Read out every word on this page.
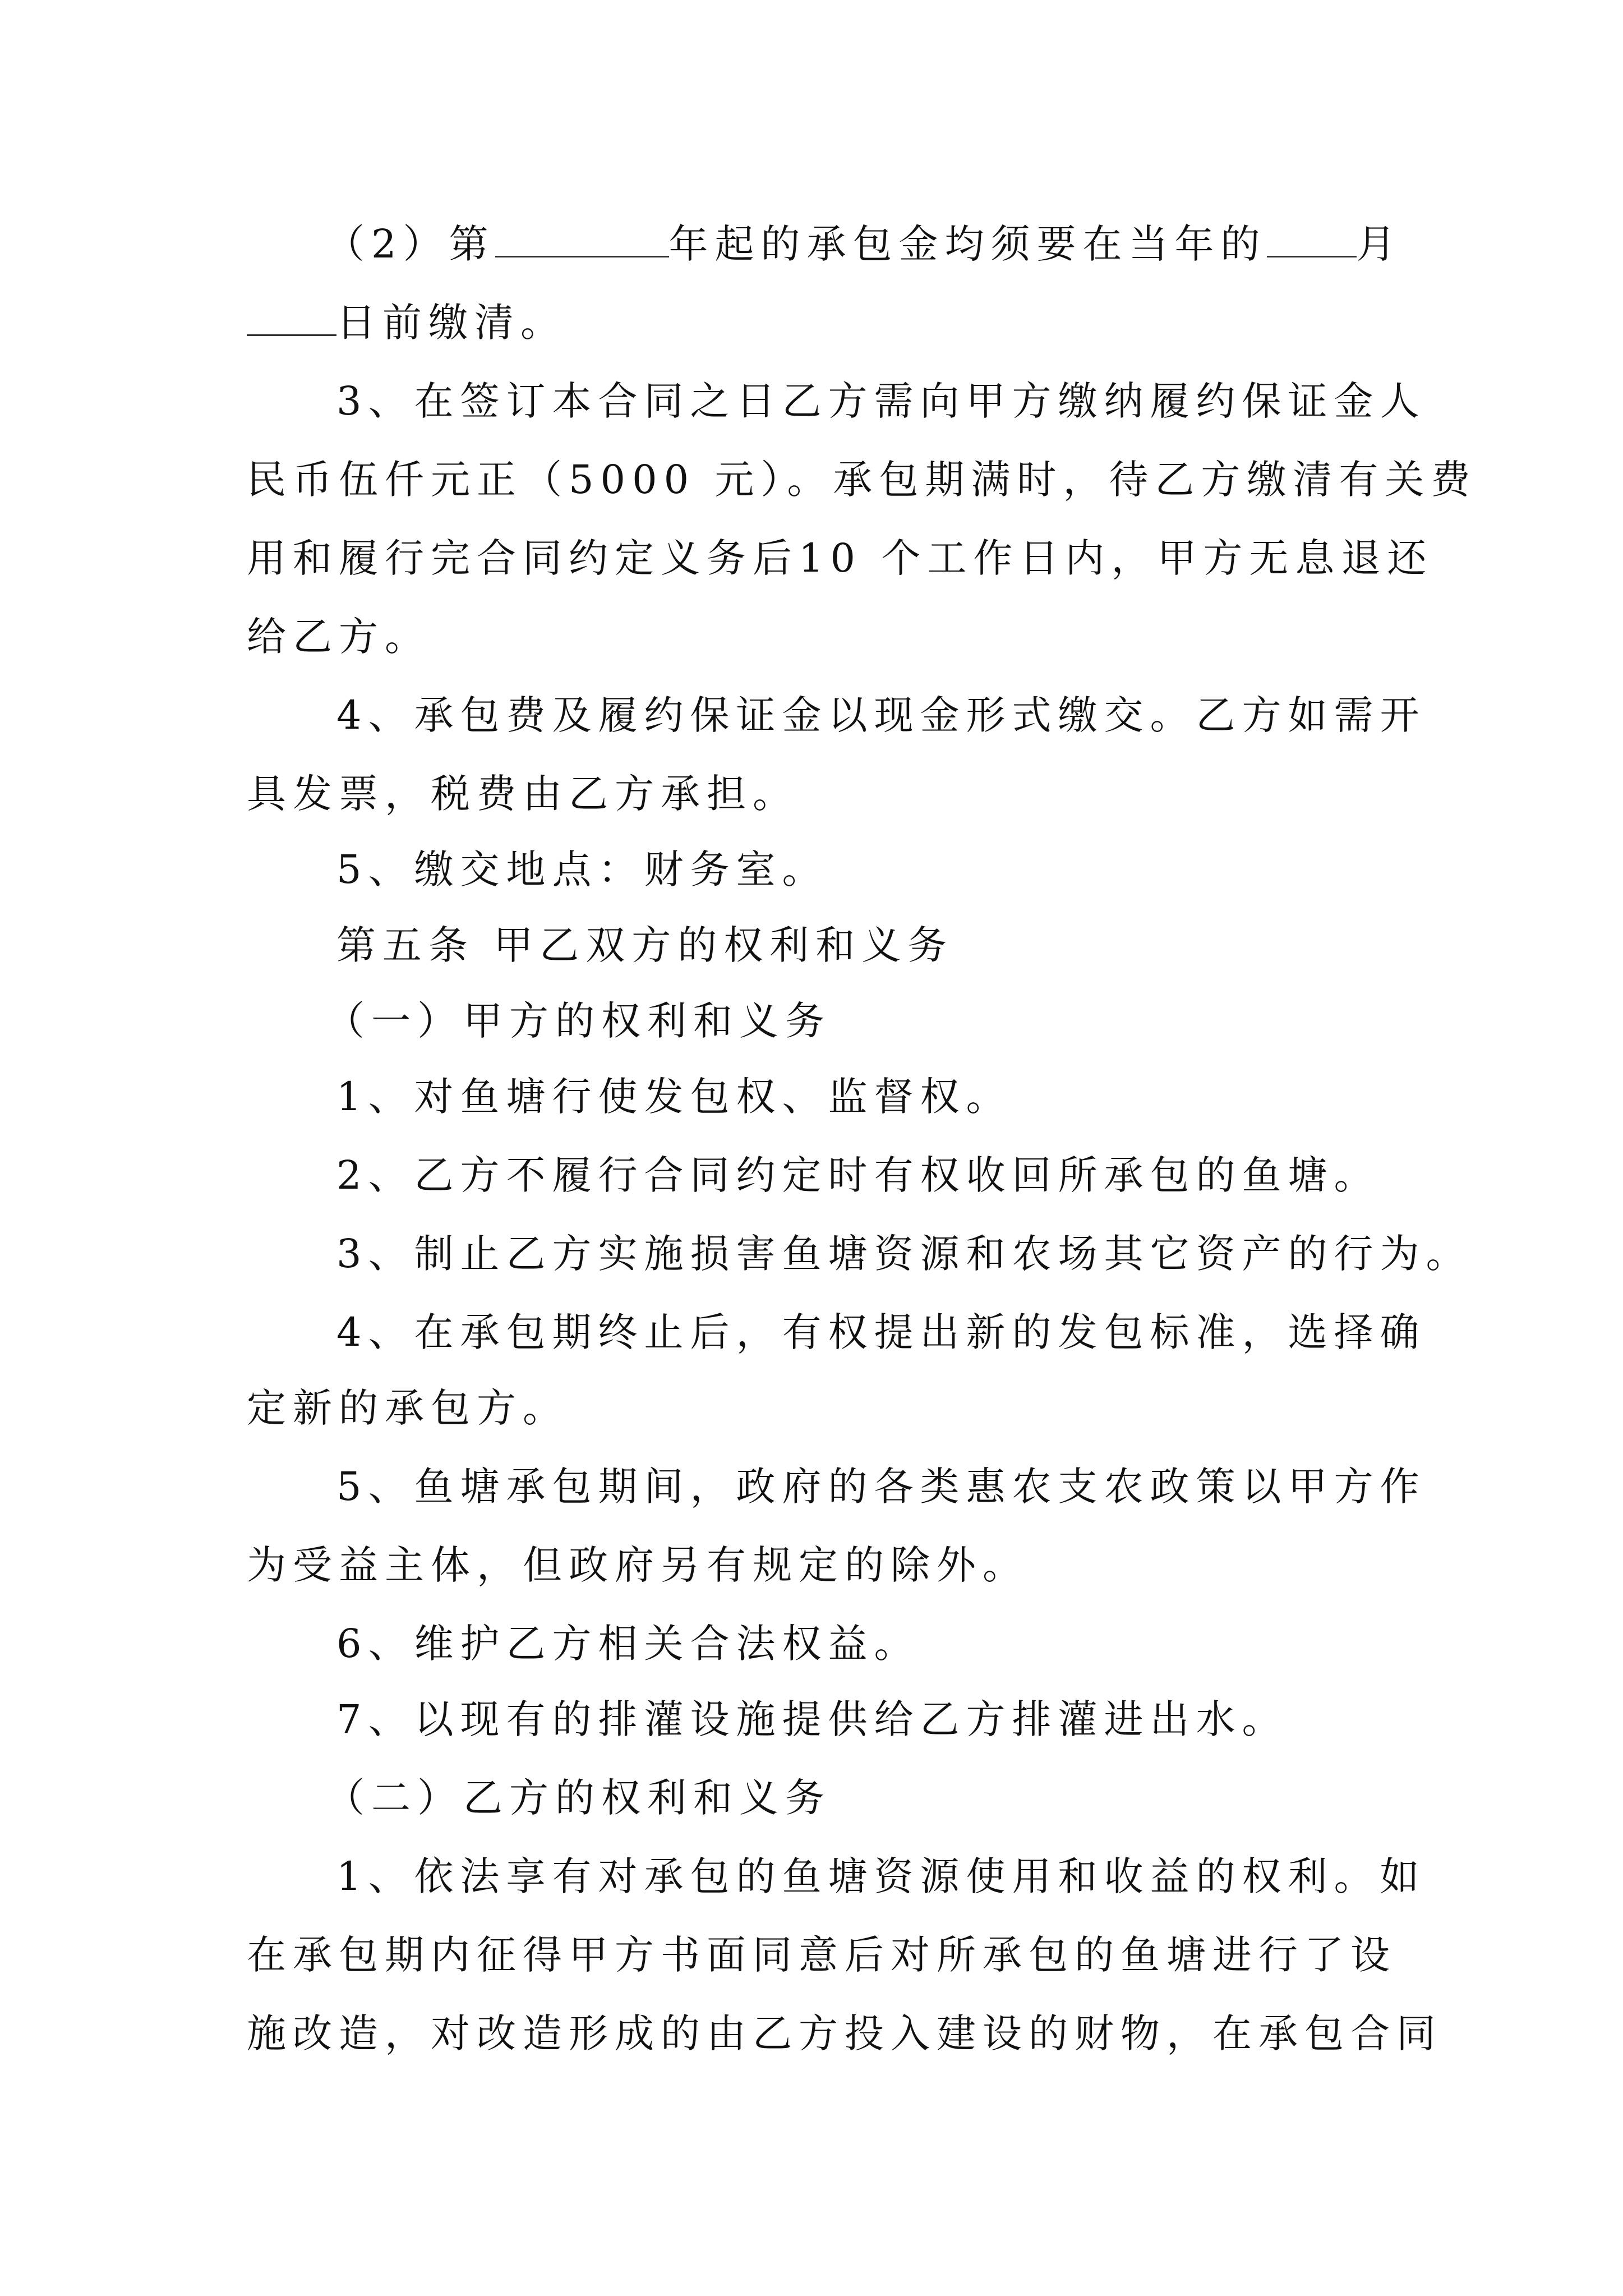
（2）第	年起的承包金均须要在当年的 月

日前缴清。

3、在签订本合同之日乙方需向甲方缴纳履约保证金人

民币伍仟元正（5000 元）。承包期满时，待乙方缴清有关费

用和履行完合同约定义务后10 个工作日内，甲方无息退还

给乙方。

4、承包费及履约保证金以现金形式缴交。乙方如需开

具发票，税费由乙方承担。

5、缴交地点：财务室。

第五条 甲乙双方的权利和义务

（一）甲方的权利和义务

1、对鱼塘行使发包权、监督权。

2、乙方不履行合同约定时有权收回所承包的鱼塘。

3、制止乙方实施损害鱼塘资源和农场其它资产的行为。

4、在承包期终止后，有权提出新的发包标准，选择确

定新的承包方。

5、鱼塘承包期间，政府的各类惠农支农政策以甲方作

为受益主体，但政府另有规定的除外。

6、维护乙方相关合法权益。

7、以现有的排灌设施提供给乙方排灌进出水。

（二）乙方的权利和义务

1、依法享有对承包的鱼塘资源使用和收益的权利。如

在承包期内征得甲方书面同意后对所承包的鱼塘进行了设

施改造，对改造形成的由乙方投入建设的财物，在承包合同
